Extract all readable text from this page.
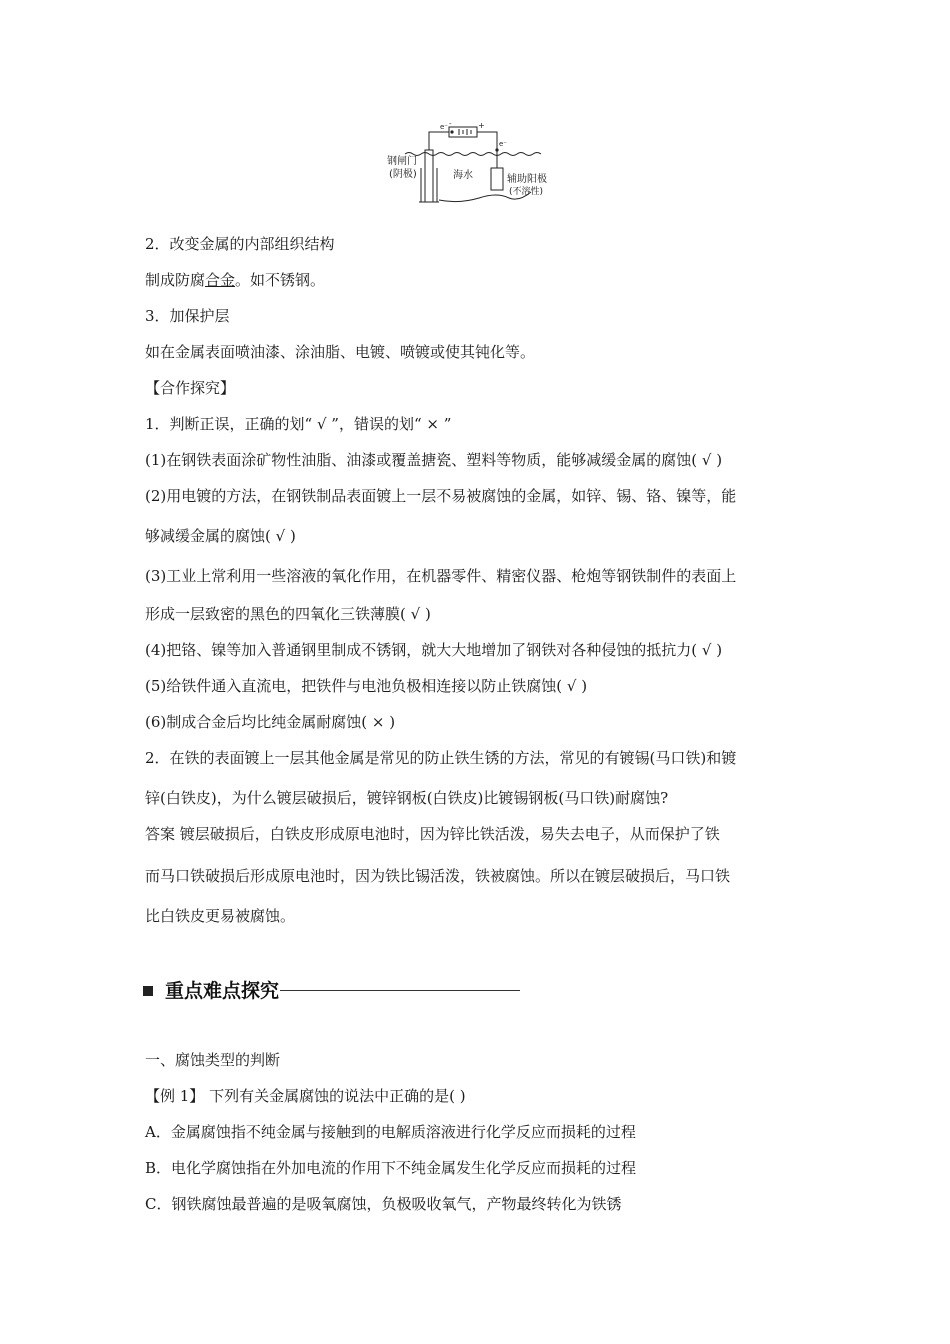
e⁻ -	+
e⁻
钢闸门
(阴极)	海水	辅助阳极
(不溶性)
2．改变金属的内部组织结构
制成防腐合金。如不锈钢。
3．加保护层
如在金属表面喷油漆、涂油脂、电镀、喷镀或使其钝化等。
【合作探究】
1．判断正误，正确的划“ √ ”，错误的划“ × ”
(1)在钢铁表面涂矿物性油脂、油漆或覆盖搪瓷、塑料等物质，能够减缓金属的腐蚀( √ )
(2)用电镀的方法，在钢铁制品表面镀上一层不易被腐蚀的金属，如锌、锡、铬、镍等，能
够减缓金属的腐蚀( √ )
(3)工业上常利用一些溶液的氧化作用，在机器零件、精密仪器、枪炮等钢铁制件的表面上
形成一层致密的黑色的四氧化三铁薄膜( √ )
(4)把铬、镍等加入普通钢里制成不锈钢，就大大地增加了钢铁对各种侵蚀的抵抗力( √ )
(5)给铁件通入直流电，把铁件与电池负极相连接以防止铁腐蚀( √ )
(6)制成合金后均比纯金属耐腐蚀( × )
2．在铁的表面镀上一层其他金属是常见的防止铁生锈的方法，常见的有镀锡(马口铁)和镀
锌(白铁皮)，为什么镀层破损后，镀锌钢板(白铁皮)比镀锡钢板(马口铁)耐腐蚀?
答案 镀层破损后，白铁皮形成原电池时，因为锌比铁活泼，易失去电子，从而保护了铁
而马口铁破损后形成原电池时，因为铁比锡活泼，铁被腐蚀。所以在镀层破损后，马口铁
比白铁皮更易被腐蚀。
重点难点探究
一、腐蚀类型的判断
【例 1】 下列有关金属腐蚀的说法中正确的是( )
A．金属腐蚀指不纯金属与接触到的电解质溶液进行化学反应而损耗的过程
B．电化学腐蚀指在外加电流的作用下不纯金属发生化学反应而损耗的过程
C．钢铁腐蚀最普遍的是吸氧腐蚀，负极吸收氧气，产物最终转化为铁锈
